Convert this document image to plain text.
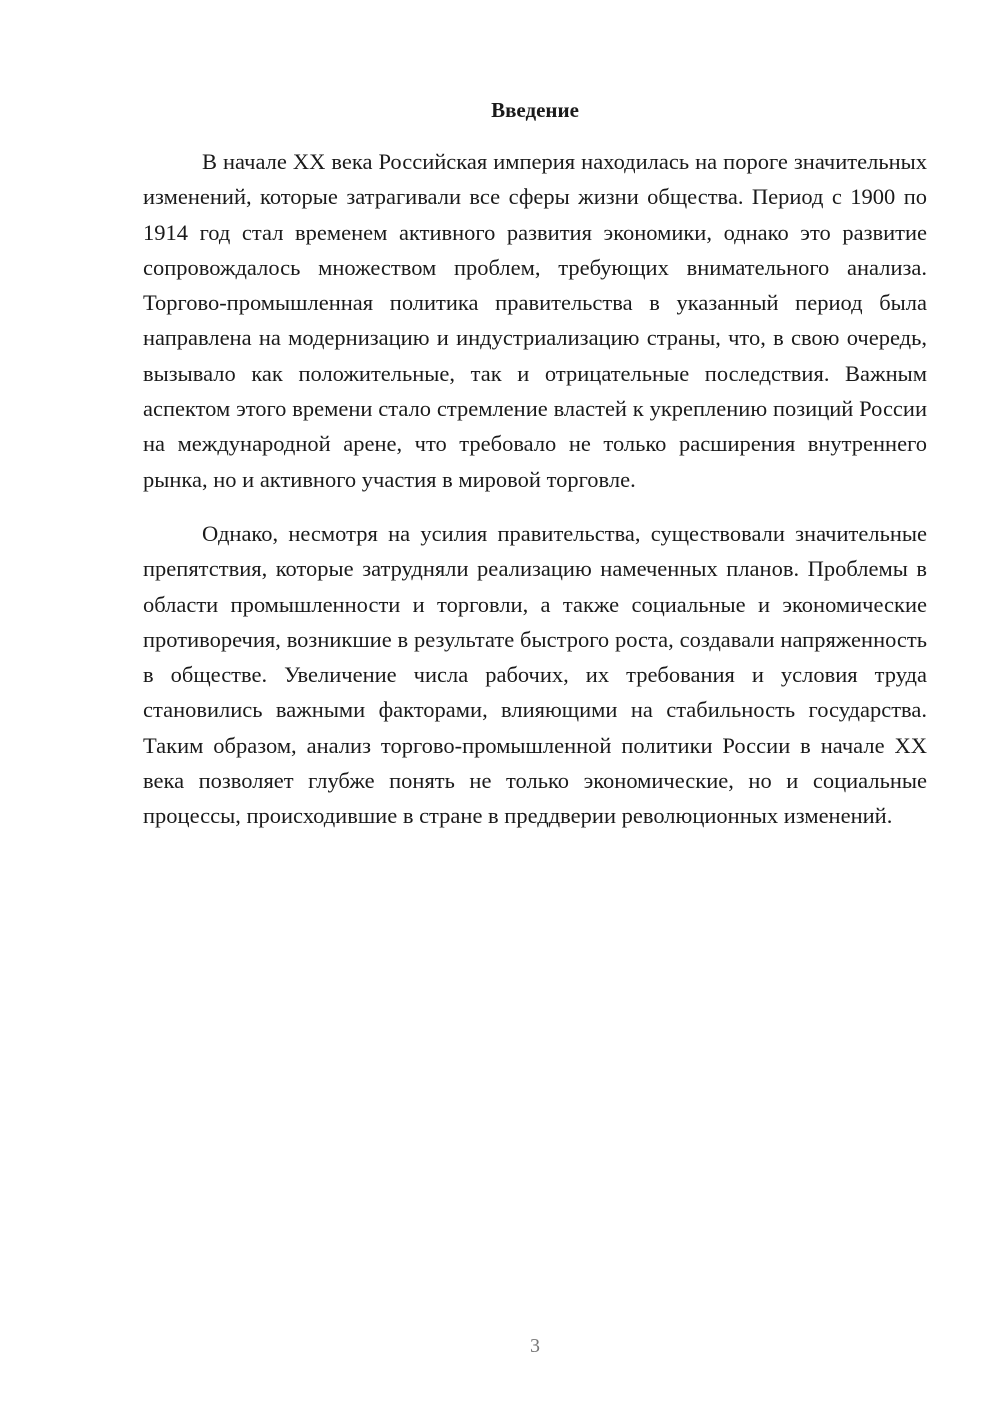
Введение

В начале XX века Российская империя находилась на пороге значительных изменений, которые затрагивали все сферы жизни общества. Период с 1900 по 1914 год стал временем активного развития экономики, однако это развитие сопровождалось множеством проблем, требующих внимательного анализа. Торгово-промышленная политика правительства в указанный период была направлена на модернизацию и индустриализацию страны, что, в свою очередь, вызывало как положительные, так и отрицательные последствия. Важным аспектом этого времени стало стремление властей к укреплению позиций России на международной арене, что требовало не только расширения внутреннего рынка, но и активного участия в мировой торговле.

Однако, несмотря на усилия правительства, существовали значительные препятствия, которые затрудняли реализацию намеченных планов. Проблемы в области промышленности и торговли, а также социальные и экономические противоречия, возникшие в результате быстрого роста, создавали напряженность в обществе. Увеличение числа рабочих, их требования и условия труда становились важными факторами, влияющими на стабильность государства. Таким образом, анализ торгово-промышленной политики России в начале XX века позволяет глубже понять не только экономические, но и социальные процессы, происходившие в стране в преддверии революционных изменений.

3
